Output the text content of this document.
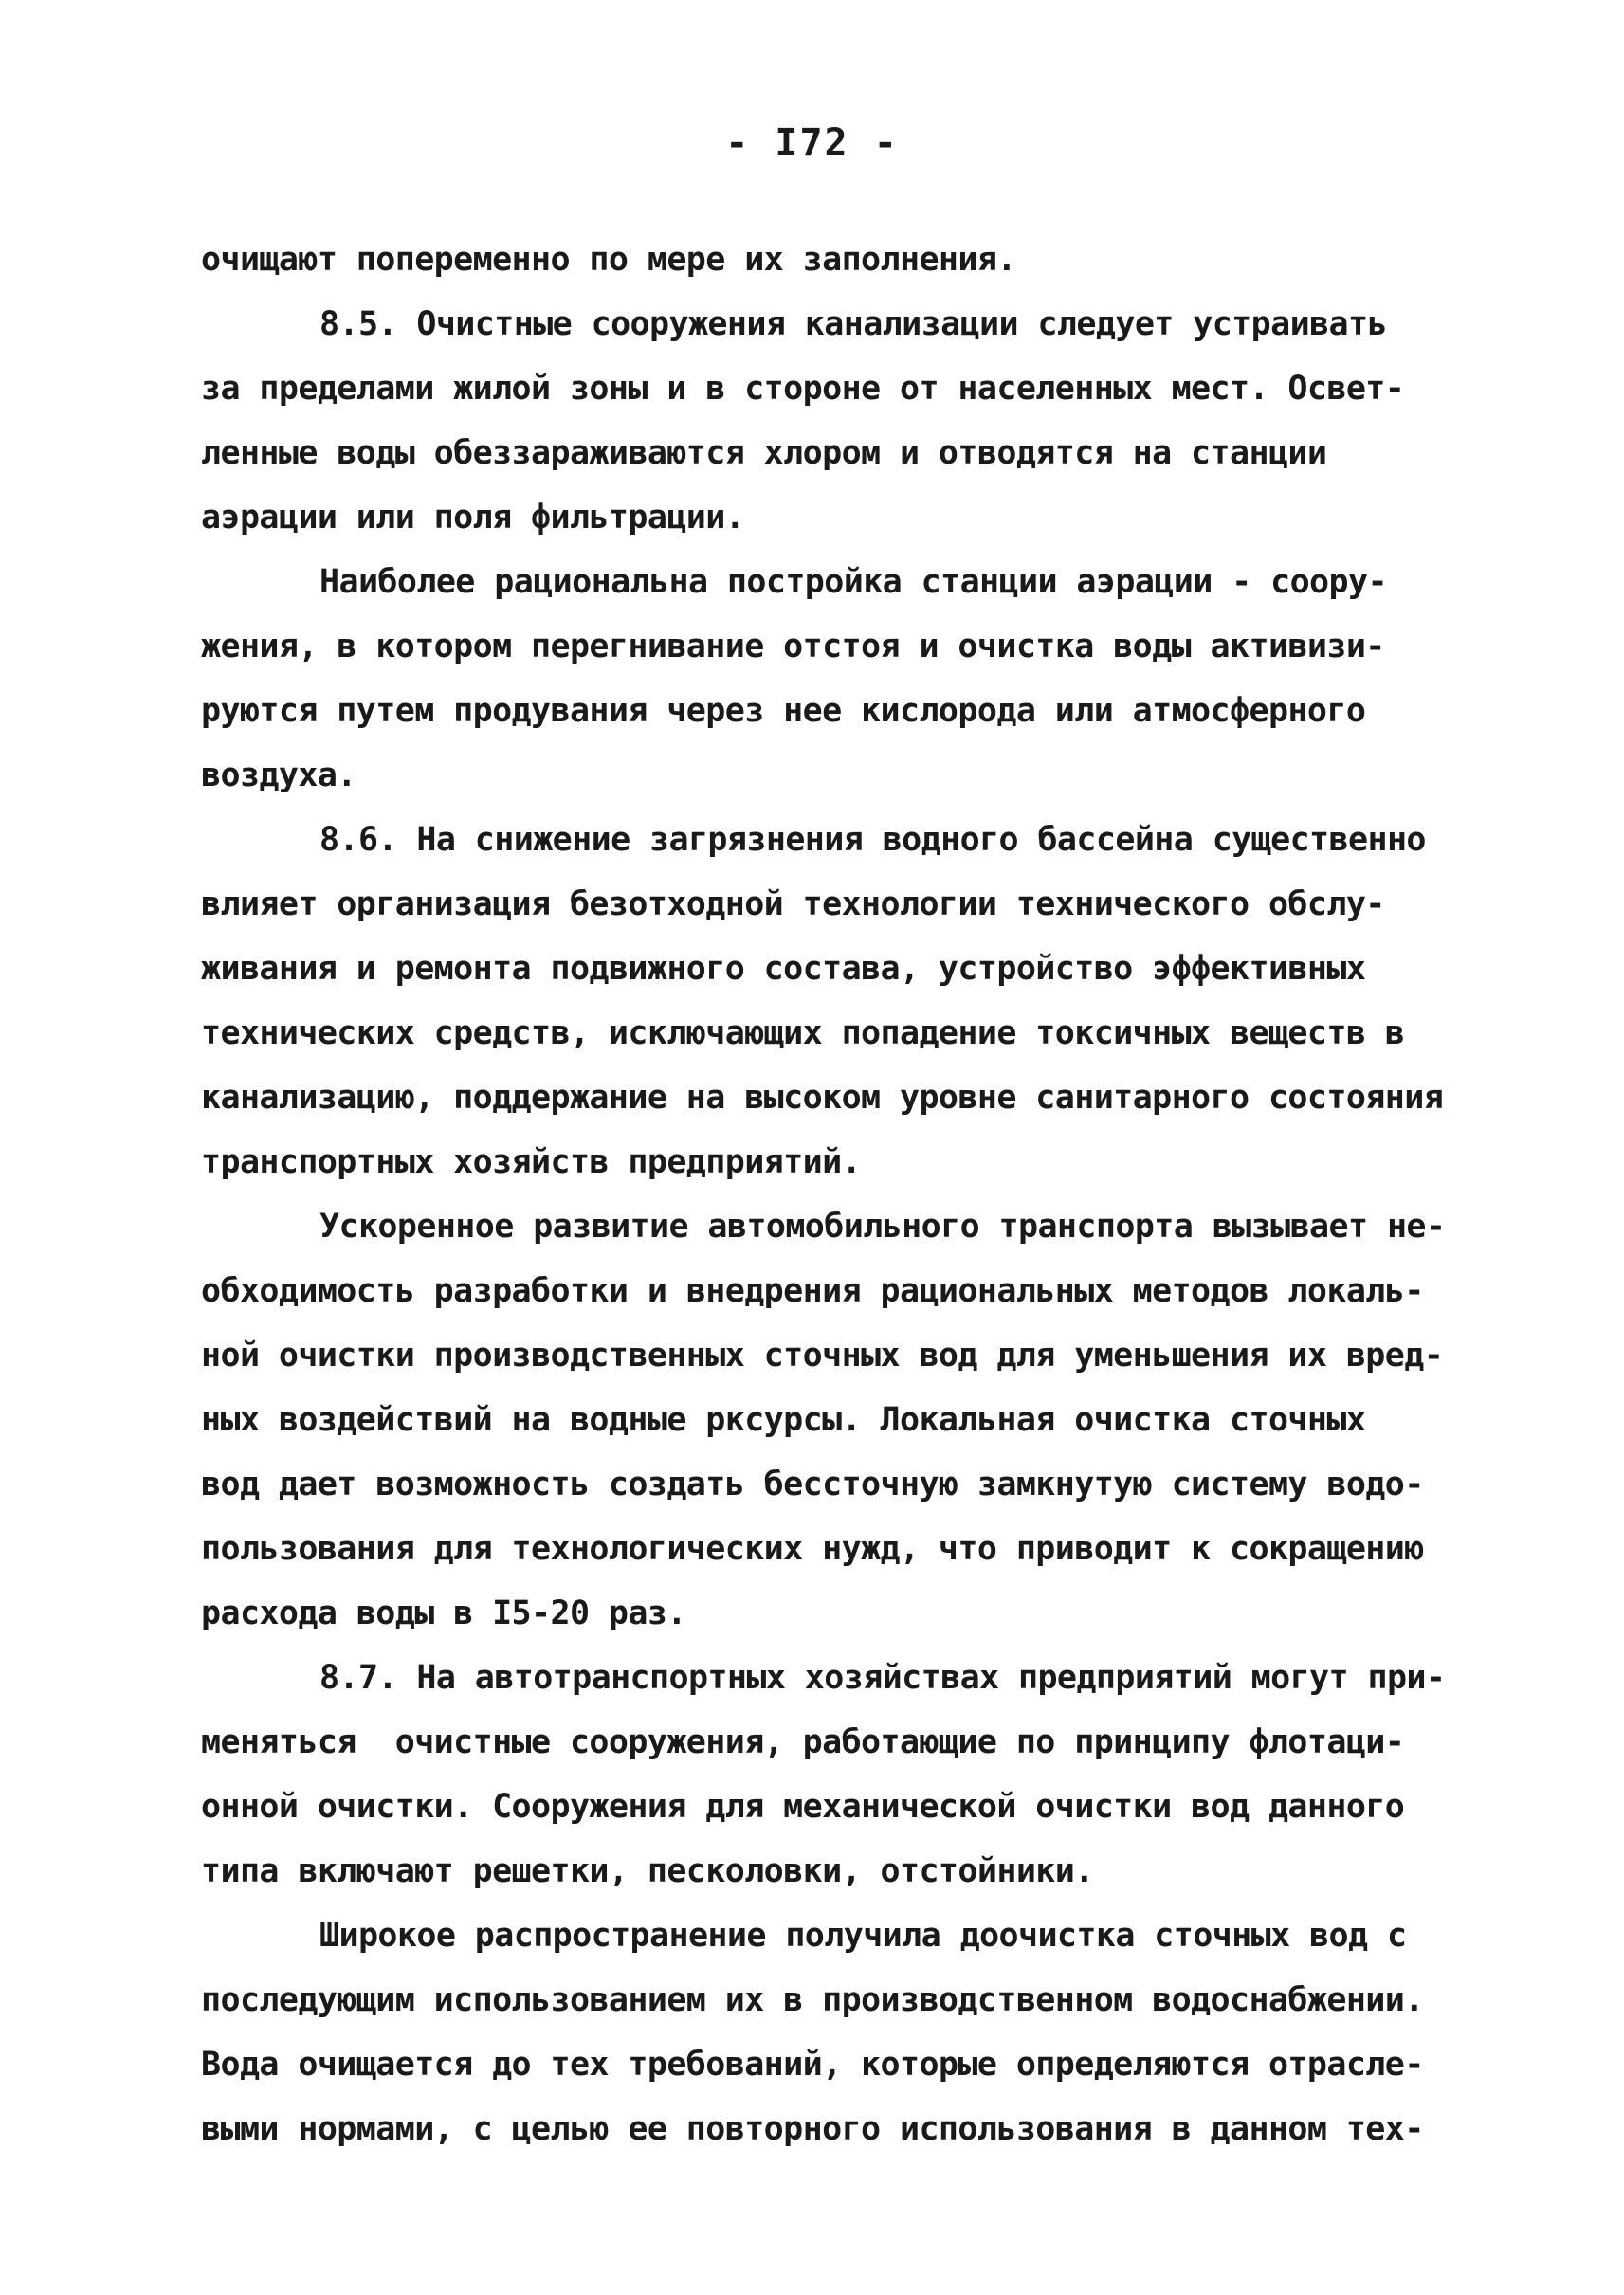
- I72 -
очищают попеременно по мере их заполнения.
8.5. Очистные сооружения канализации следует устраивать
за пределами жилой зоны и в стороне от населенных мест. Освет-
ленные воды обеззараживаются хлором и отводятся на станции
аэрации или поля фильтрации.
Наиболее рациональна постройка станции аэрации - соору-
жения, в котором перегнивание отстоя и очистка воды активизи-
руются путем продувания через нее кислорода или атмосферного
воздуха.
8.6. На снижение загрязнения водного бассейна существенно
влияет организация безотходной технологии технического обслу-
живания и ремонта подвижного состава, устройство эффективных
технических средств, исключающих попадение токсичных веществ в
канализацию, поддержание на высоком уровне санитарного состояния
транспортных хозяйств предприятий.
Ускоренное развитие автомобильного транспорта вызывает не-
обходимость разработки и внедрения рациональных методов локаль-
ной очистки производственных сточных вод для уменьшения их вред-
ных воздействий на водные рксурсы. Локальная очистка сточных
вод дает возможность создать бессточную замкнутую систему водо-
пользования для технологических нужд, что приводит к сокращению
расхода воды в I5-20 раз.
8.7. На автотранспортных хозяйствах предприятий могут при-
меняться  очистные сооружения, работающие по принципу флотаци-
онной очистки. Сооружения для механической очистки вод данного
типа включают решетки, песколовки, отстойники.
Широкое распространение получила доочистка сточных вод с
последующим использованием их в производственном водоснабжении.
Вода очищается до тех требований, которые определяются отрасле-
выми нормами, с целью ее повторного использования в данном тех-
